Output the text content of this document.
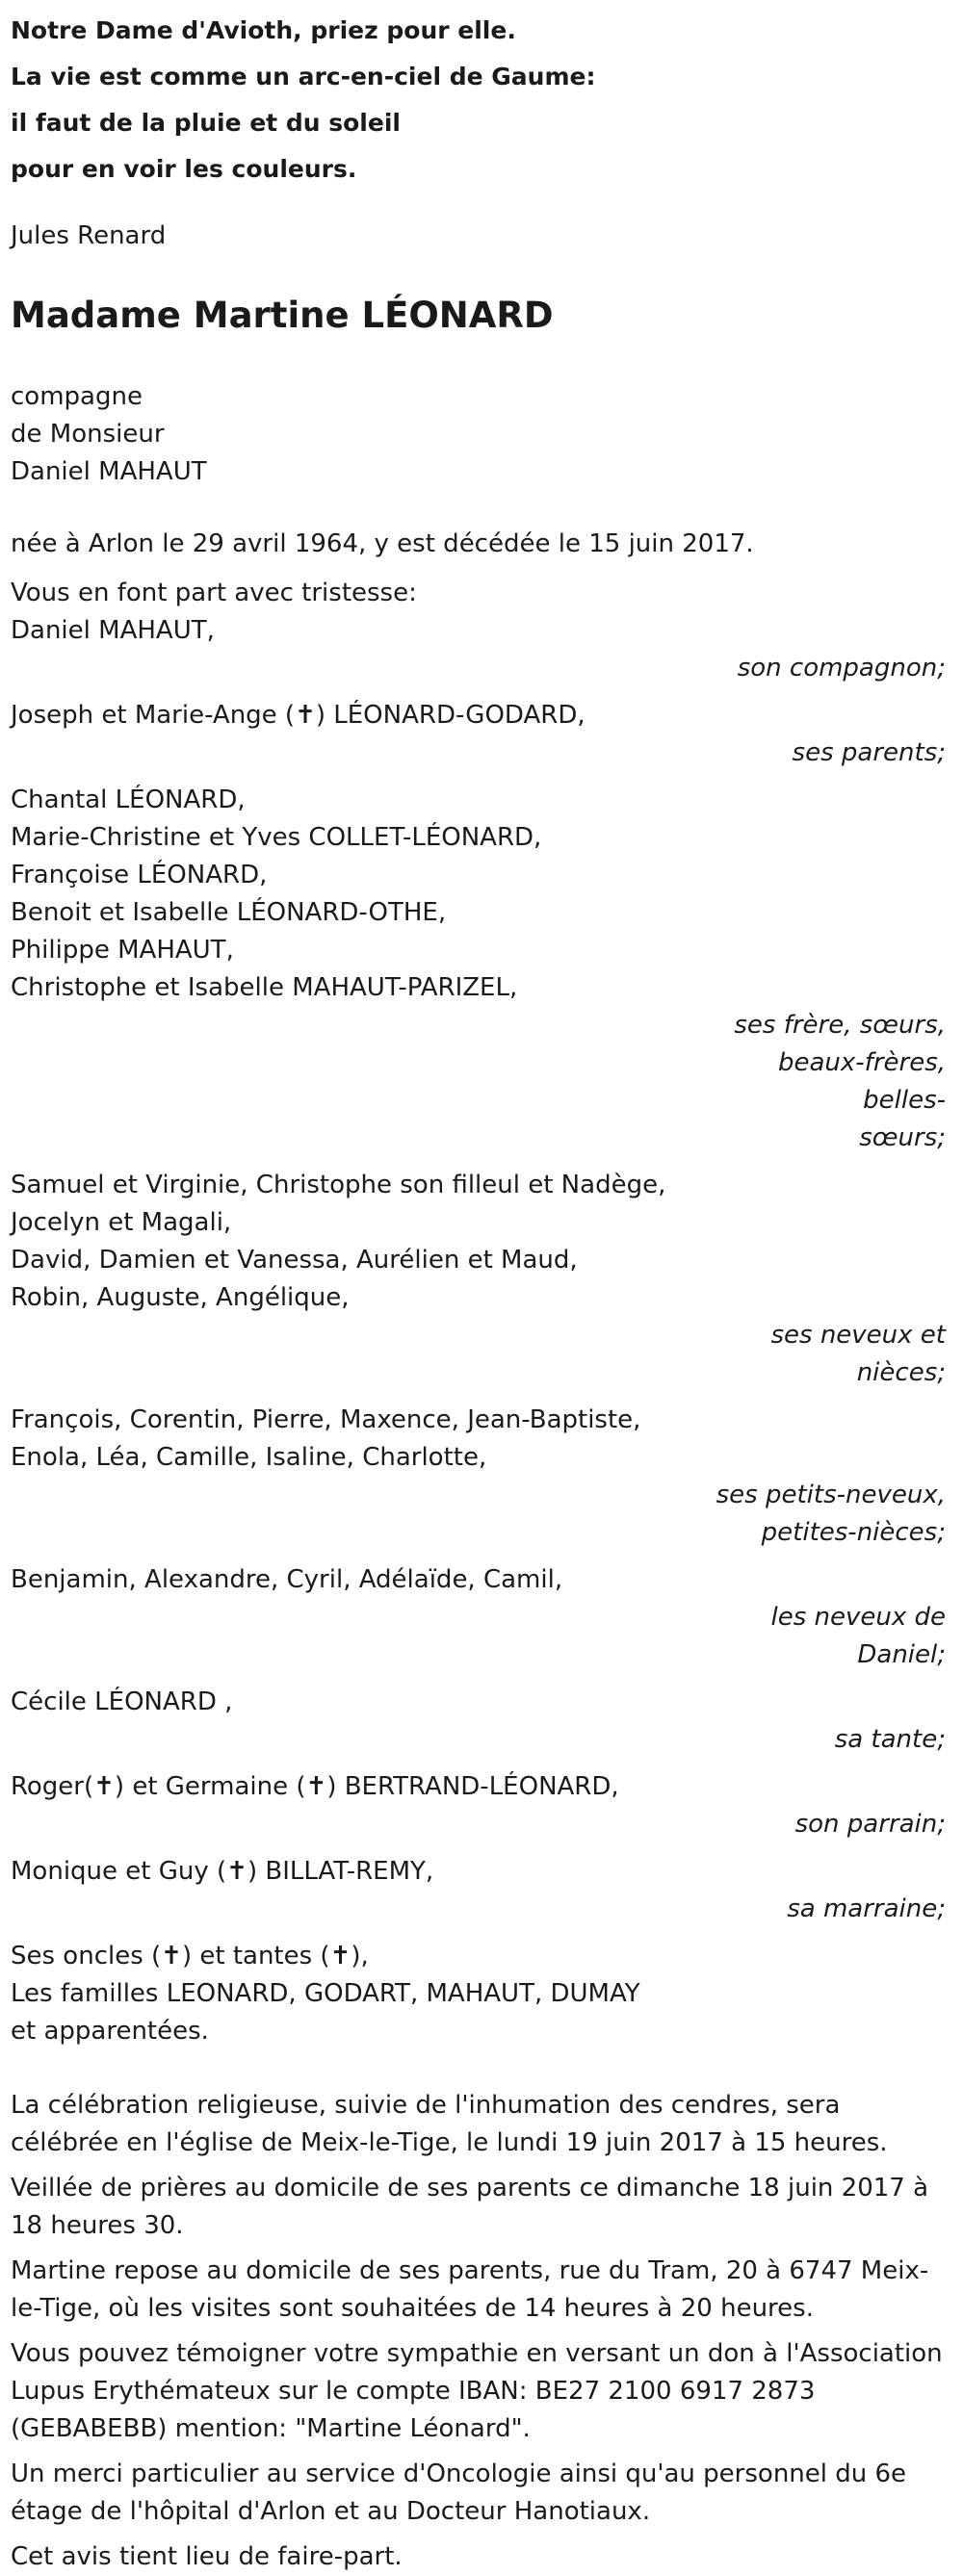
Notre Dame d'Avioth, priez pour elle.

La vie est comme un arc-en-ciel de Gaume:

il faut de la pluie et du soleil

pour en voir les couleurs.

Jules Renard

Madame Martine LÉONARD
compagne
de Monsieur
Daniel MAHAUT

née à Arlon le 29 avril 1964, y est décédée le 15 juin 2017.

Vous en font part avec tristesse:

Daniel MAHAUT,
son compagnon;
Joseph et Marie-Ange (✝) LÉONARD-GODARD,
ses parents;
Chantal LÉONARD,
Marie-Christine et Yves COLLET-LÉONARD,
Françoise LÉONARD,
Benoit et Isabelle LÉONARD-OTHE,
Philippe MAHAUT,
Christophe et Isabelle MAHAUT-PARIZEL,
ses frère, sœurs,
beaux-frères, belles-
sœurs;
Samuel et Virginie, Christophe son filleul et Nadège,
Jocelyn et Magali,
David, Damien et Vanessa, Aurélien et Maud,
Robin, Auguste, Angélique,
ses neveux et
nièces;
François, Corentin, Pierre, Maxence, Jean-Baptiste,
Enola, Léa, Camille, Isaline, Charlotte,
ses petits-neveux,
petites-nièces;
Benjamin, Alexandre, Cyril, Adélaïde, Camil,
les neveux de
Daniel;
Cécile LÉONARD ,
sa tante;
Roger(✝) et Germaine (✝) BERTRAND-LÉONARD,
son parrain;
Monique et Guy (✝) BILLAT-REMY,
sa marraine;
Ses oncles (✝) et tantes (✝),
Les familles LEONARD, GODART, MAHAUT, DUMAY
et apparentées.

La célébration religieuse, suivie de l'inhumation des cendres, sera célébrée en l'église de Meix-le-Tige, le lundi 19 juin 2017 à 15 heures.

Veillée de prières au domicile de ses parents ce dimanche 18 juin 2017 à 18 heures 30.

Martine repose au domicile de ses parents, rue du Tram, 20 à 6747 Meix-le-Tige, où les visites sont souhaitées de 14 heures à 20 heures.

Vous pouvez témoigner votre sympathie en versant un don à l'Association Lupus Erythémateux sur le compte IBAN: BE27 2100 6917 2873 (GEBABEBB) mention: "Martine Léonard".

Un merci particulier au service d'Oncologie ainsi qu'au personnel du 6e étage de l'hôpital d'Arlon et au Docteur Hanotiaux.

Cet avis tient lieu de faire-part.
